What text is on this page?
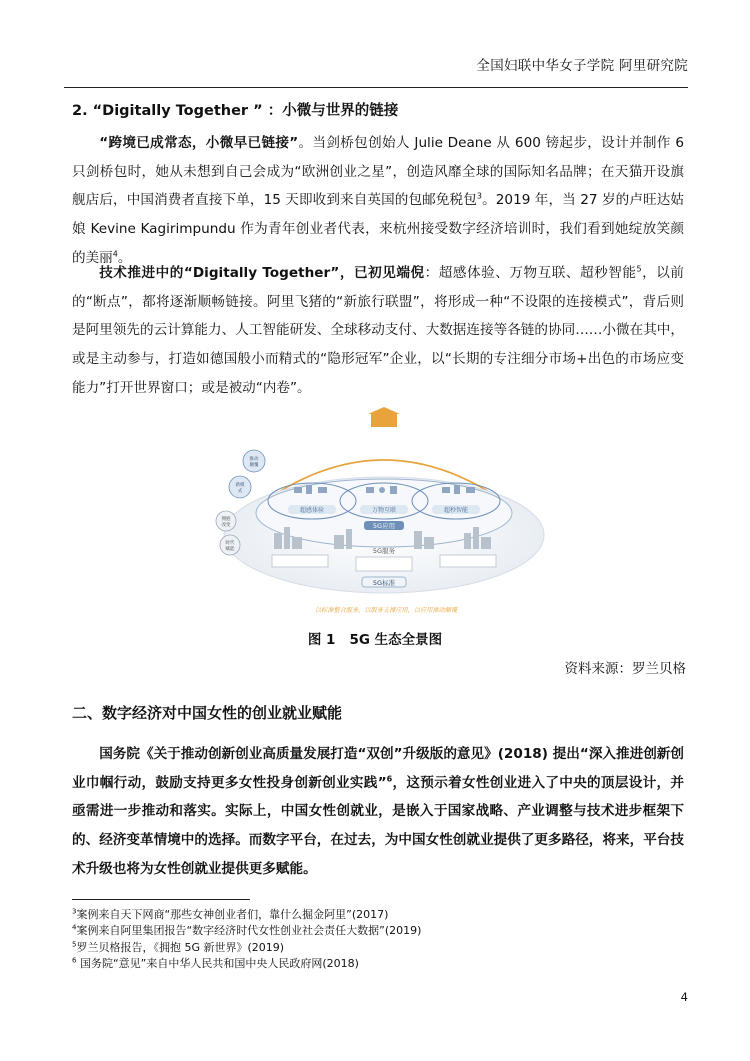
全国妇联中华女子学院 阿里研究院
2. “Digitally Together ” ：小微与世界的链接
“跨境已成常态，小微早已链接”。当剑桥包创始人 Julie Deane 从 600 镑起步，设计并制作 6 只剑桥包时，她从未想到自己会成为“欧洲创业之星”，创造风靡全球的国际知名品牌；在天猫开设旗舰店后，中国消费者直接下单，15 天即收到来自英国的包邮免税包$^3$。2019 年，当 27 岁的卢旺达姑娘 Kevine Kagirimpundu 作为青年创业者代表，来杭州接受数字经济培训时，我们看到她绽放笑颜的美丽$^4$。
技术推进中的“Digitally Together”，已初见端倪：超感体验、万物互联、超秒智能$^5$，以前的“断点”，都将逐渐顺畅链接。阿里飞猪的“新旅行联盟”，将形成一种“不设限的连接模式”，背后则是阿里领先的云计算能力、人工智能研发、全球移动支付、大数据连接等各链的协同……小微在其中，或是主动参与，打造如德国般小而精式的“隐形冠军”企业，以“长期的专注细分市场+出色的市场应变能力”打开世界窗口；或是被动“内卷”。
超感体验	万物互联	超秒智能
5G应用
推动
颠覆
新模
式
拥抱
改变
时代
赋能	5G服务
5G标准
以标准整合服务，以服务支撑应用，以应用推动颠覆
图 1 5G 生态全景图
资料来源：罗兰贝格
二、数字经济对中国女性的创业就业赋能
国务院《关于推动创新创业高质量发展打造“双创”升级版的意见》(2018) 提出“深入推进创新创业巾帼行动，鼓励支持更多女性投身创新创业实践”$^6$，这预示着女性创业进入了中央的顶层设计，并亟需进一步推动和落实。实际上，中国女性创就业，是嵌入于国家战略、产业调整与技术进步框架下的、经济变革情境中的选择。而数字平台，在过去，为中国女性创就业提供了更多路径，将来，平台技术升级也将为女性创就业提供更多赋能。
$^3$案例来自天下网商“那些女神创业者们，靠什么掘金阿里”(2017)
$^4$案例来自阿里集团报告“数字经济时代女性创业社会责任大数据”(2019)
$^5$罗兰贝格报告，《拥抱 5G 新世界》(2019)
$^6$ 国务院“意见”来自中华人民共和国中央人民政府网(2018)
4
